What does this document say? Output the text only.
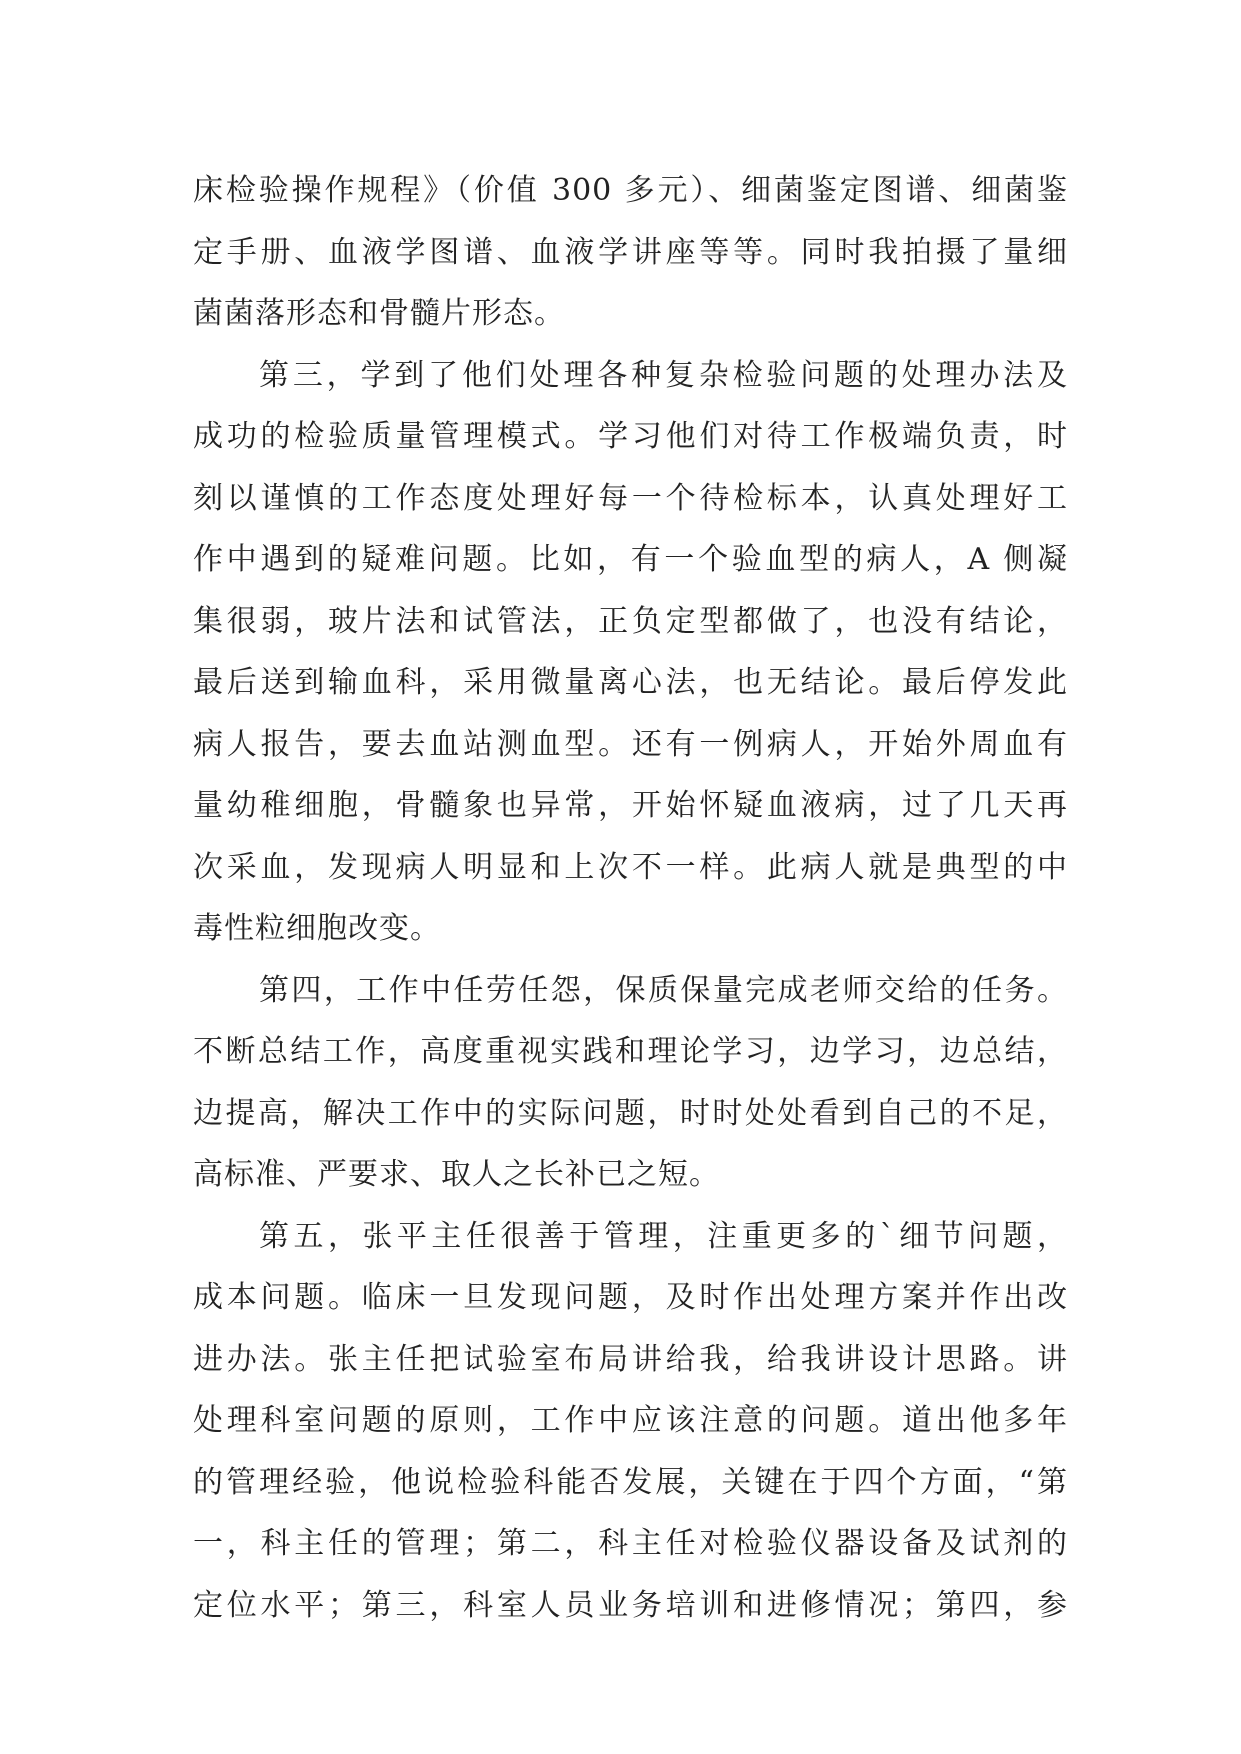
床检验操作规程》（价值 300 多元）、细菌鉴定图谱、细菌鉴
定手册、血液学图谱、血液学讲座等等。同时我拍摄了量细
菌菌落形态和骨髓片形态。
第三，学到了他们处理各种复杂检验问题的处理办法及
成功的检验质量管理模式。学习他们对待工作极端负责，时
刻以谨慎的工作态度处理好每一个待检标本，认真处理好工
作中遇到的疑难问题。比如，有一个验血型的病人，A 侧凝
集很弱，玻片法和试管法，正负定型都做了，也没有结论，
最后送到输血科，采用微量离心法，也无结论。最后停发此
病人报告，要去血站测血型。还有一例病人，开始外周血有
量幼稚细胞，骨髓象也异常，开始怀疑血液病，过了几天再
次采血，发现病人明显和上次不一样。此病人就是典型的中
毒性粒细胞改变。
第四，工作中任劳任怨，保质保量完成老师交给的任务。
不断总结工作，高度重视实践和理论学习，边学习，边总结，
边提高，解决工作中的实际问题，时时处处看到自己的不足，
高标准、严要求、取人之长补已之短。
第五，张平主任很善于管理，注重更多的`细节问题，
成本问题。临床一旦发现问题，及时作出处理方案并作出改
进办法。张主任把试验室布局讲给我，给我讲设计思路。讲
处理科室问题的原则，工作中应该注意的问题。道出他多年
的管理经验，他说检验科能否发展，关键在于四个方面，“第
一，科主任的管理；第二，科主任对检验仪器设备及试剂的
定位水平；第三，科室人员业务培训和进修情况；第四，参
